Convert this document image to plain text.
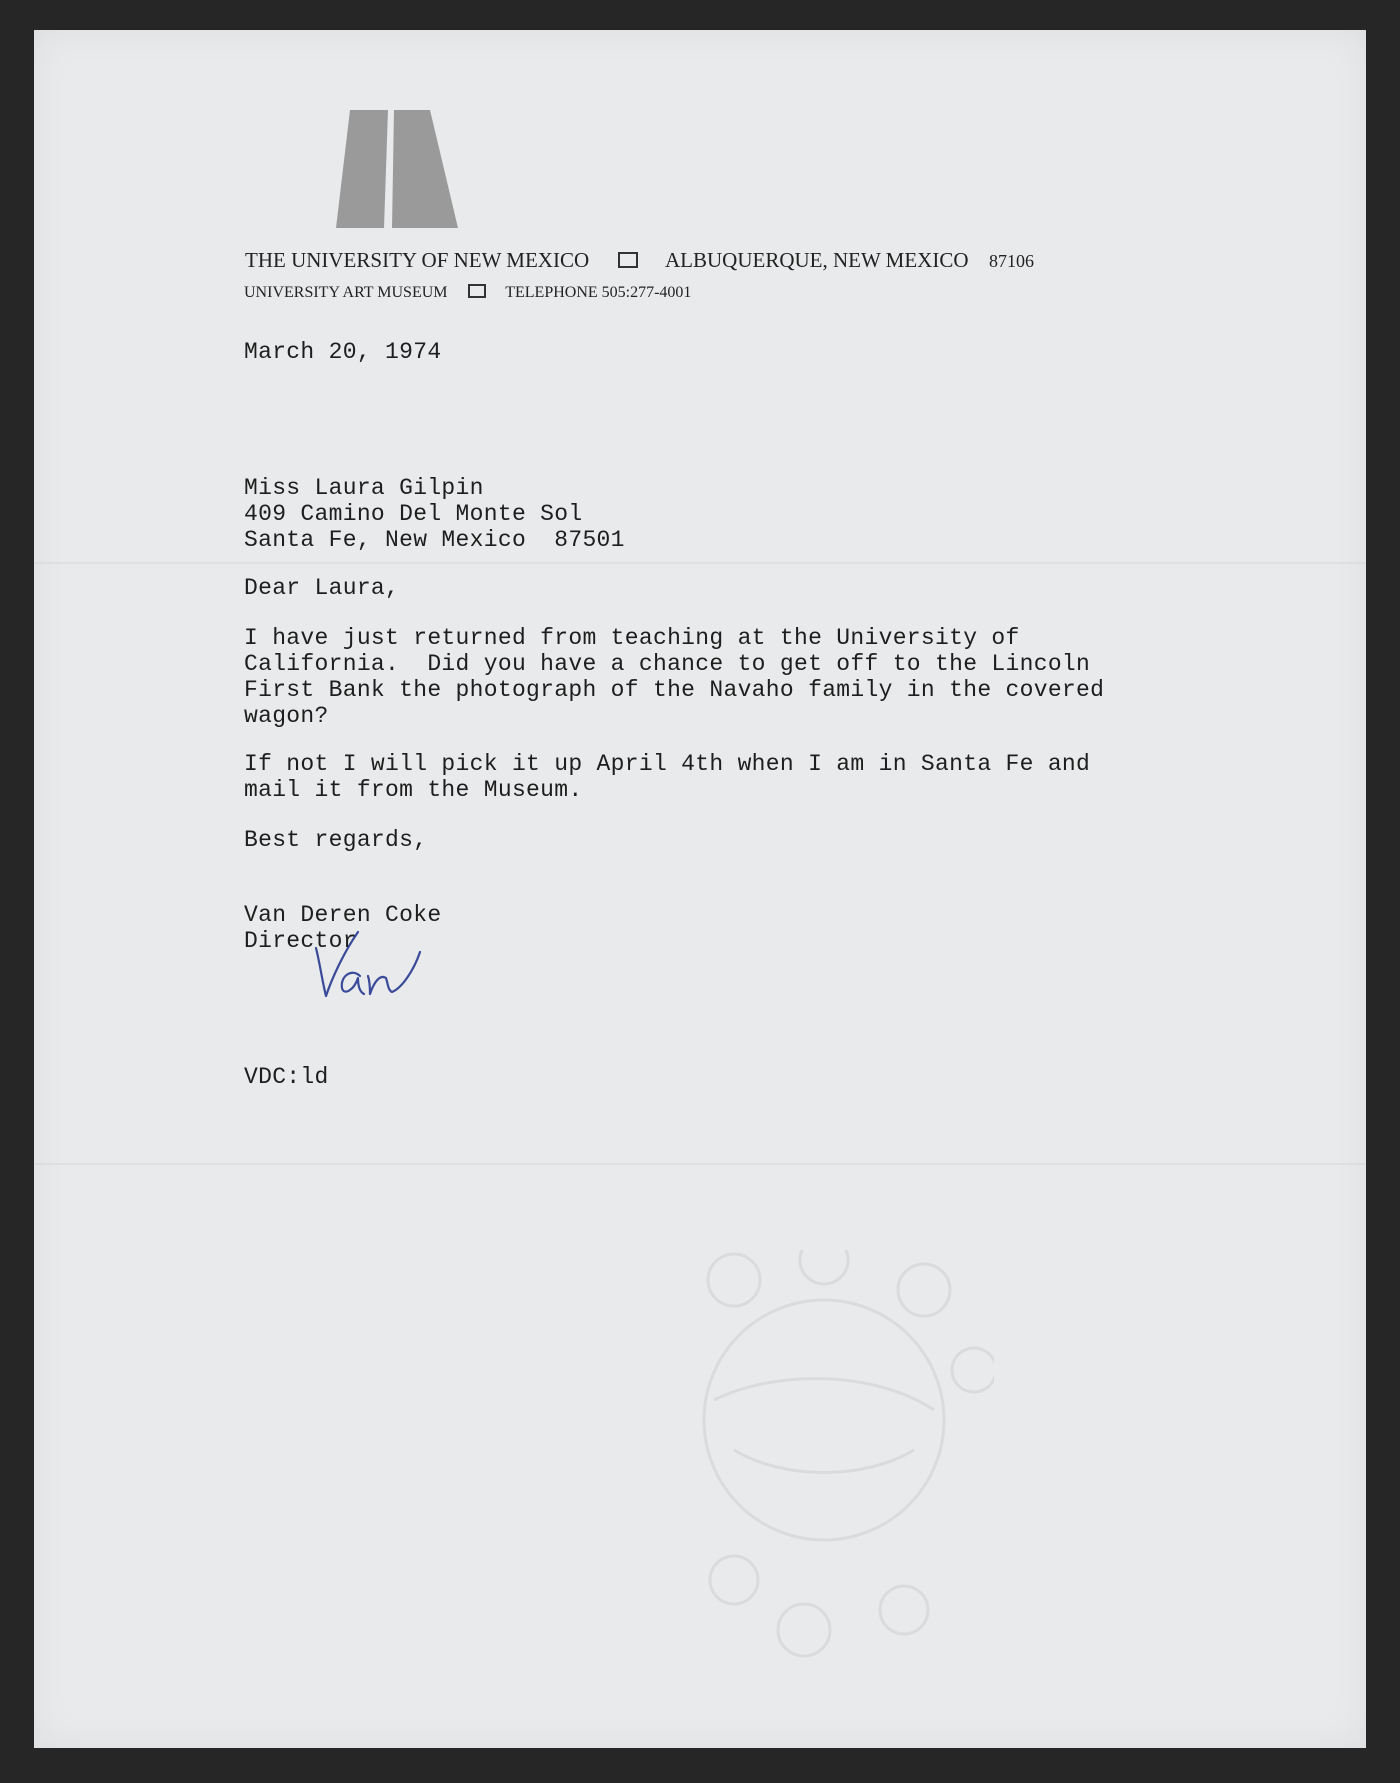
THE UNIVERSITY OF NEW MEXICO	ALBUQUERQUE, NEW MEXICO 87106
UNIVERSITY ART MUSEUM	TELEPHONE 505:277-4001
March 20, 1974
Miss Laura Gilpin
409 Camino Del Monte Sol
Santa Fe, New Mexico  87501
Dear Laura,
I have just returned from teaching at the University of
California.  Did you have a chance to get off to the Lincoln
First Bank the photograph of the Navaho family in the covered
wagon?
If not I will pick it up April 4th when I am in Santa Fe and
mail it from the Museum.
Best regards,
Van Deren Coke
Director
VDC:ld
